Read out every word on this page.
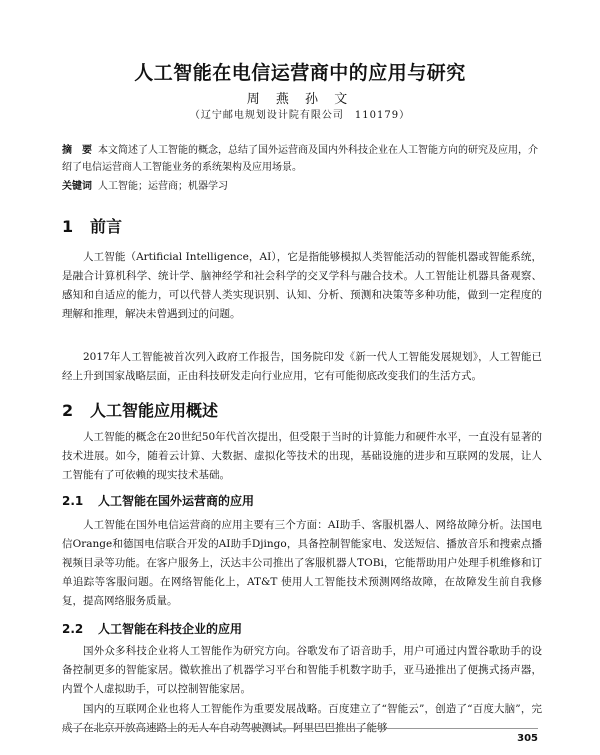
人工智能在电信运营商中的应用与研究
周 燕 孙 文
（辽宁邮电规划设计院有限公司　110179）
摘　要 本文简述了人工智能的概念，总结了国外运营商及国内外科技企业在人工智能方向的研究及应用，介绍了电信运营商人工智能业务的系统架构及应用场景。
关键词 人工智能；运营商；机器学习
1 前言
人工智能（Artificial Intelligence，AI），它是指能够模拟人类智能活动的智能机器或智能系统，是融合计算机科学、统计学、脑神经学和社会科学的交叉学科与融合技术。人工智能让机器具备观察、感知和自适应的能力，可以代替人类实现识别、认知、分析、预测和决策等多种功能，做到一定程度的理解和推理，解决未曾遇到过的问题。
2017年人工智能被首次列入政府工作报告，国务院印发《新一代人工智能发展规划》，人工智能已经上升到国家战略层面，正由科技研发走向行业应用，它有可能彻底改变我们的生活方式。
2 人工智能应用概述
人工智能的概念在20世纪50年代首次提出，但受限于当时的计算能力和硬件水平，一直没有显著的技术进展。如今，随着云计算、大数据、虚拟化等技术的出现，基础设施的进步和互联网的发展，让人工智能有了可依赖的现实技术基础。
2.1 人工智能在国外运营商的应用
人工智能在国外电信运营商的应用主要有三个方面：AI助手、客服机器人、网络故障分析。法国电信Orange和德国电信联合开发的AI助手Djingo，具备控制智能家电、发送短信、播放音乐和搜索点播视频目录等功能。在客户服务上，沃达丰公司推出了客服机器人TOBi，它能帮助用户处理手机维修和订单追踪等客服问题。在网络智能化上，AT&T 使用人工智能技术预测网络故障，在故障发生前自我修复，提高网络服务质量。
2.2 人工智能在科技企业的应用
国外众多科技企业将人工智能作为研究方向。谷歌发布了语音助手，用户可通过内置谷歌助手的设备控制更多的智能家居。微软推出了机器学习平台和智能手机数字助手，亚马逊推出了便携式扬声器，内置个人虚拟助手，可以控制智能家居。
国内的互联网企业也将人工智能作为重要发展战略。百度建立了“智能云”，创造了“百度大脑”，完成了在北京开放高速路上的无人车自动驾驶测试。阿里巴巴推出了能够
305
